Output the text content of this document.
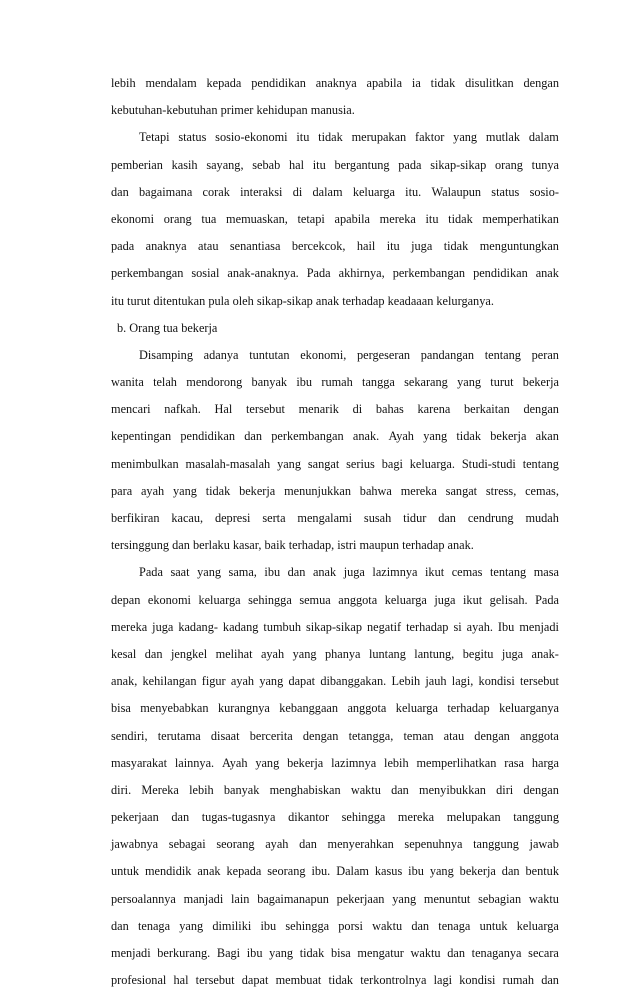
lebih mendalam kepada pendidikan anaknya apabila ia tidak disulitkan dengan
kebutuhan-kebutuhan primer kehidupan manusia.
Tetapi status sosio-ekonomi itu tidak merupakan faktor yang mutlak dalam
pemberian kasih sayang, sebab hal itu bergantung pada sikap-sikap orang tunya
dan bagaimana corak interaksi di dalam keluarga itu. Walaupun status sosio-
ekonomi orang tua memuaskan, tetapi apabila mereka itu tidak memperhatikan
pada anaknya atau senantiasa bercekcok, hail itu juga tidak menguntungkan
perkembangan sosial anak-anaknya. Pada akhirnya, perkembangan pendidikan anak
itu turut ditentukan pula oleh sikap-sikap anak terhadap keadaaan kelurganya.
b. Orang tua bekerja
Disamping adanya tuntutan ekonomi, pergeseran pandangan tentang peran
wanita telah mendorong banyak ibu rumah tangga sekarang yang turut bekerja
mencari nafkah. Hal tersebut menarik di bahas karena berkaitan dengan
kepentingan pendidikan dan perkembangan anak. Ayah yang tidak bekerja akan
menimbulkan masalah-masalah yang sangat serius bagi keluarga. Studi-studi tentang
para ayah yang tidak bekerja menunjukkan bahwa mereka sangat stress, cemas,
berfikiran kacau, depresi serta mengalami susah tidur dan cendrung mudah
tersinggung dan berlaku kasar, baik terhadap, istri maupun terhadap anak.
Pada saat yang sama, ibu dan anak juga lazimnya ikut cemas tentang masa
depan ekonomi keluarga sehingga semua anggota keluarga juga ikut gelisah. Pada
mereka juga kadang- kadang tumbuh sikap-sikap negatif terhadap si ayah. Ibu menjadi
kesal dan jengkel melihat ayah yang phanya luntang lantung, begitu juga anak-
anak, kehilangan figur ayah yang dapat dibanggakan. Lebih jauh lagi, kondisi tersebut
bisa menyebabkan kurangnya kebanggaan anggota keluarga terhadap keluarganya
sendiri, terutama disaat bercerita dengan tetangga, teman atau dengan anggota
masyarakat lainnya. Ayah yang bekerja lazimnya lebih memperlihatkan rasa harga
diri. Mereka lebih banyak menghabiskan waktu dan menyibukkan diri dengan
pekerjaan dan tugas-tugasnya dikantor sehingga mereka melupakan tanggung
jawabnya sebagai seorang ayah dan menyerahkan sepenuhnya tanggung jawab
untuk mendidik anak kepada seorang ibu. Dalam kasus ibu yang bekerja dan bentuk
persoalannya manjadi lain bagaimanapun pekerjaan yang menuntut sebagian waktu
dan tenaga yang dimiliki ibu sehingga porsi waktu dan tenaga untuk keluarga
menjadi berkurang. Bagi ibu yang tidak bisa mengatur waktu dan tenaganya secara
profesional hal tersebut dapat membuat tidak terkontrolnya lagi kondisi rumah dan
